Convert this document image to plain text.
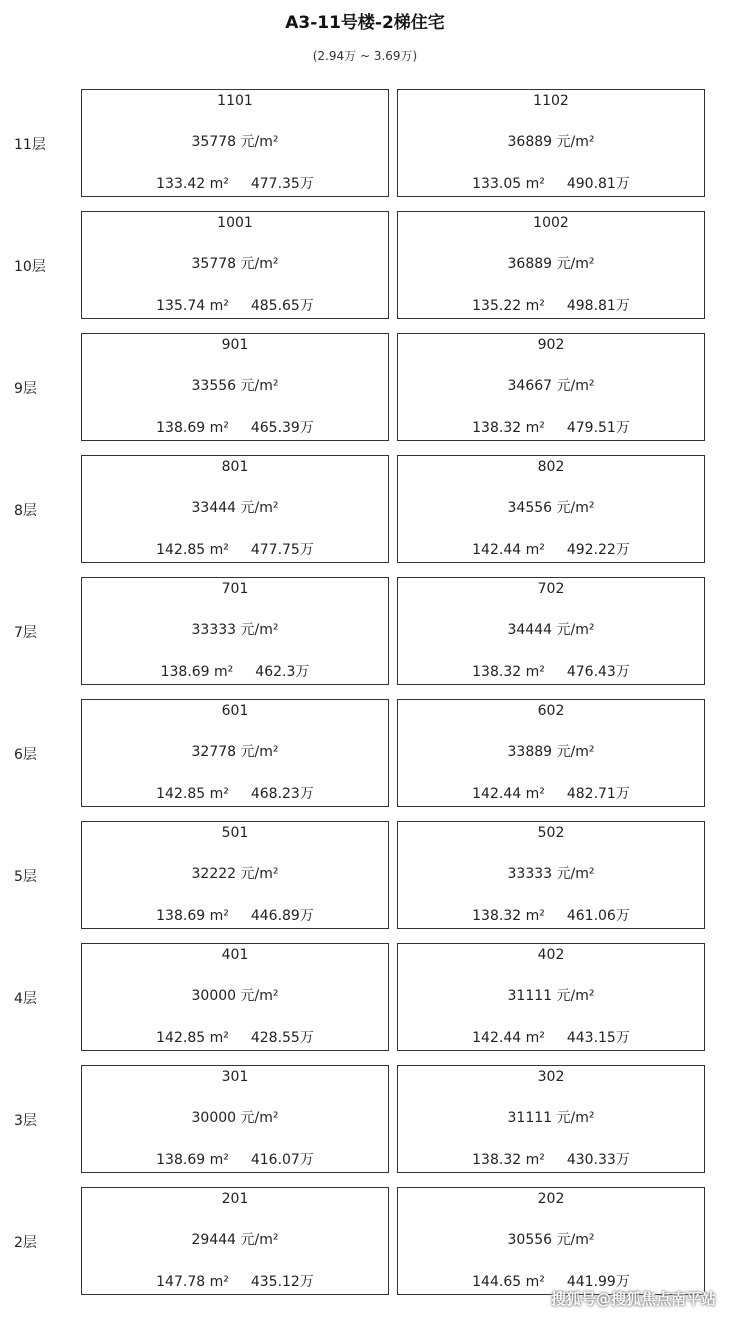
A3-11号楼-2梯住宅
(2.94万 ~ 3.69万)
11层
1101
35778 元/m²
133.42 m² 477.35万
1102
36889 元/m²
133.05 m² 490.81万
10层
1001
35778 元/m²
135.74 m² 485.65万
1002
36889 元/m²
135.22 m² 498.81万
9层
901
33556 元/m²
138.69 m² 465.39万
902
34667 元/m²
138.32 m² 479.51万
8层
801
33444 元/m²
142.85 m² 477.75万
802
34556 元/m²
142.44 m² 492.22万
7层
701
33333 元/m²
138.69 m² 462.3万
702
34444 元/m²
138.32 m² 476.43万
6层
601
32778 元/m²
142.85 m² 468.23万
602
33889 元/m²
142.44 m² 482.71万
5层
501
32222 元/m²
138.69 m² 446.89万
502
33333 元/m²
138.32 m² 461.06万
4层
401
30000 元/m²
142.85 m² 428.55万
402
31111 元/m²
142.44 m² 443.15万
3层
301
30000 元/m²
138.69 m² 416.07万
302
31111 元/m²
138.32 m² 430.33万
2层
201
29444 元/m²
147.78 m² 435.12万
202
30556 元/m²
144.65 m² 441.99万
搜狐号@搜狐焦点南平站
